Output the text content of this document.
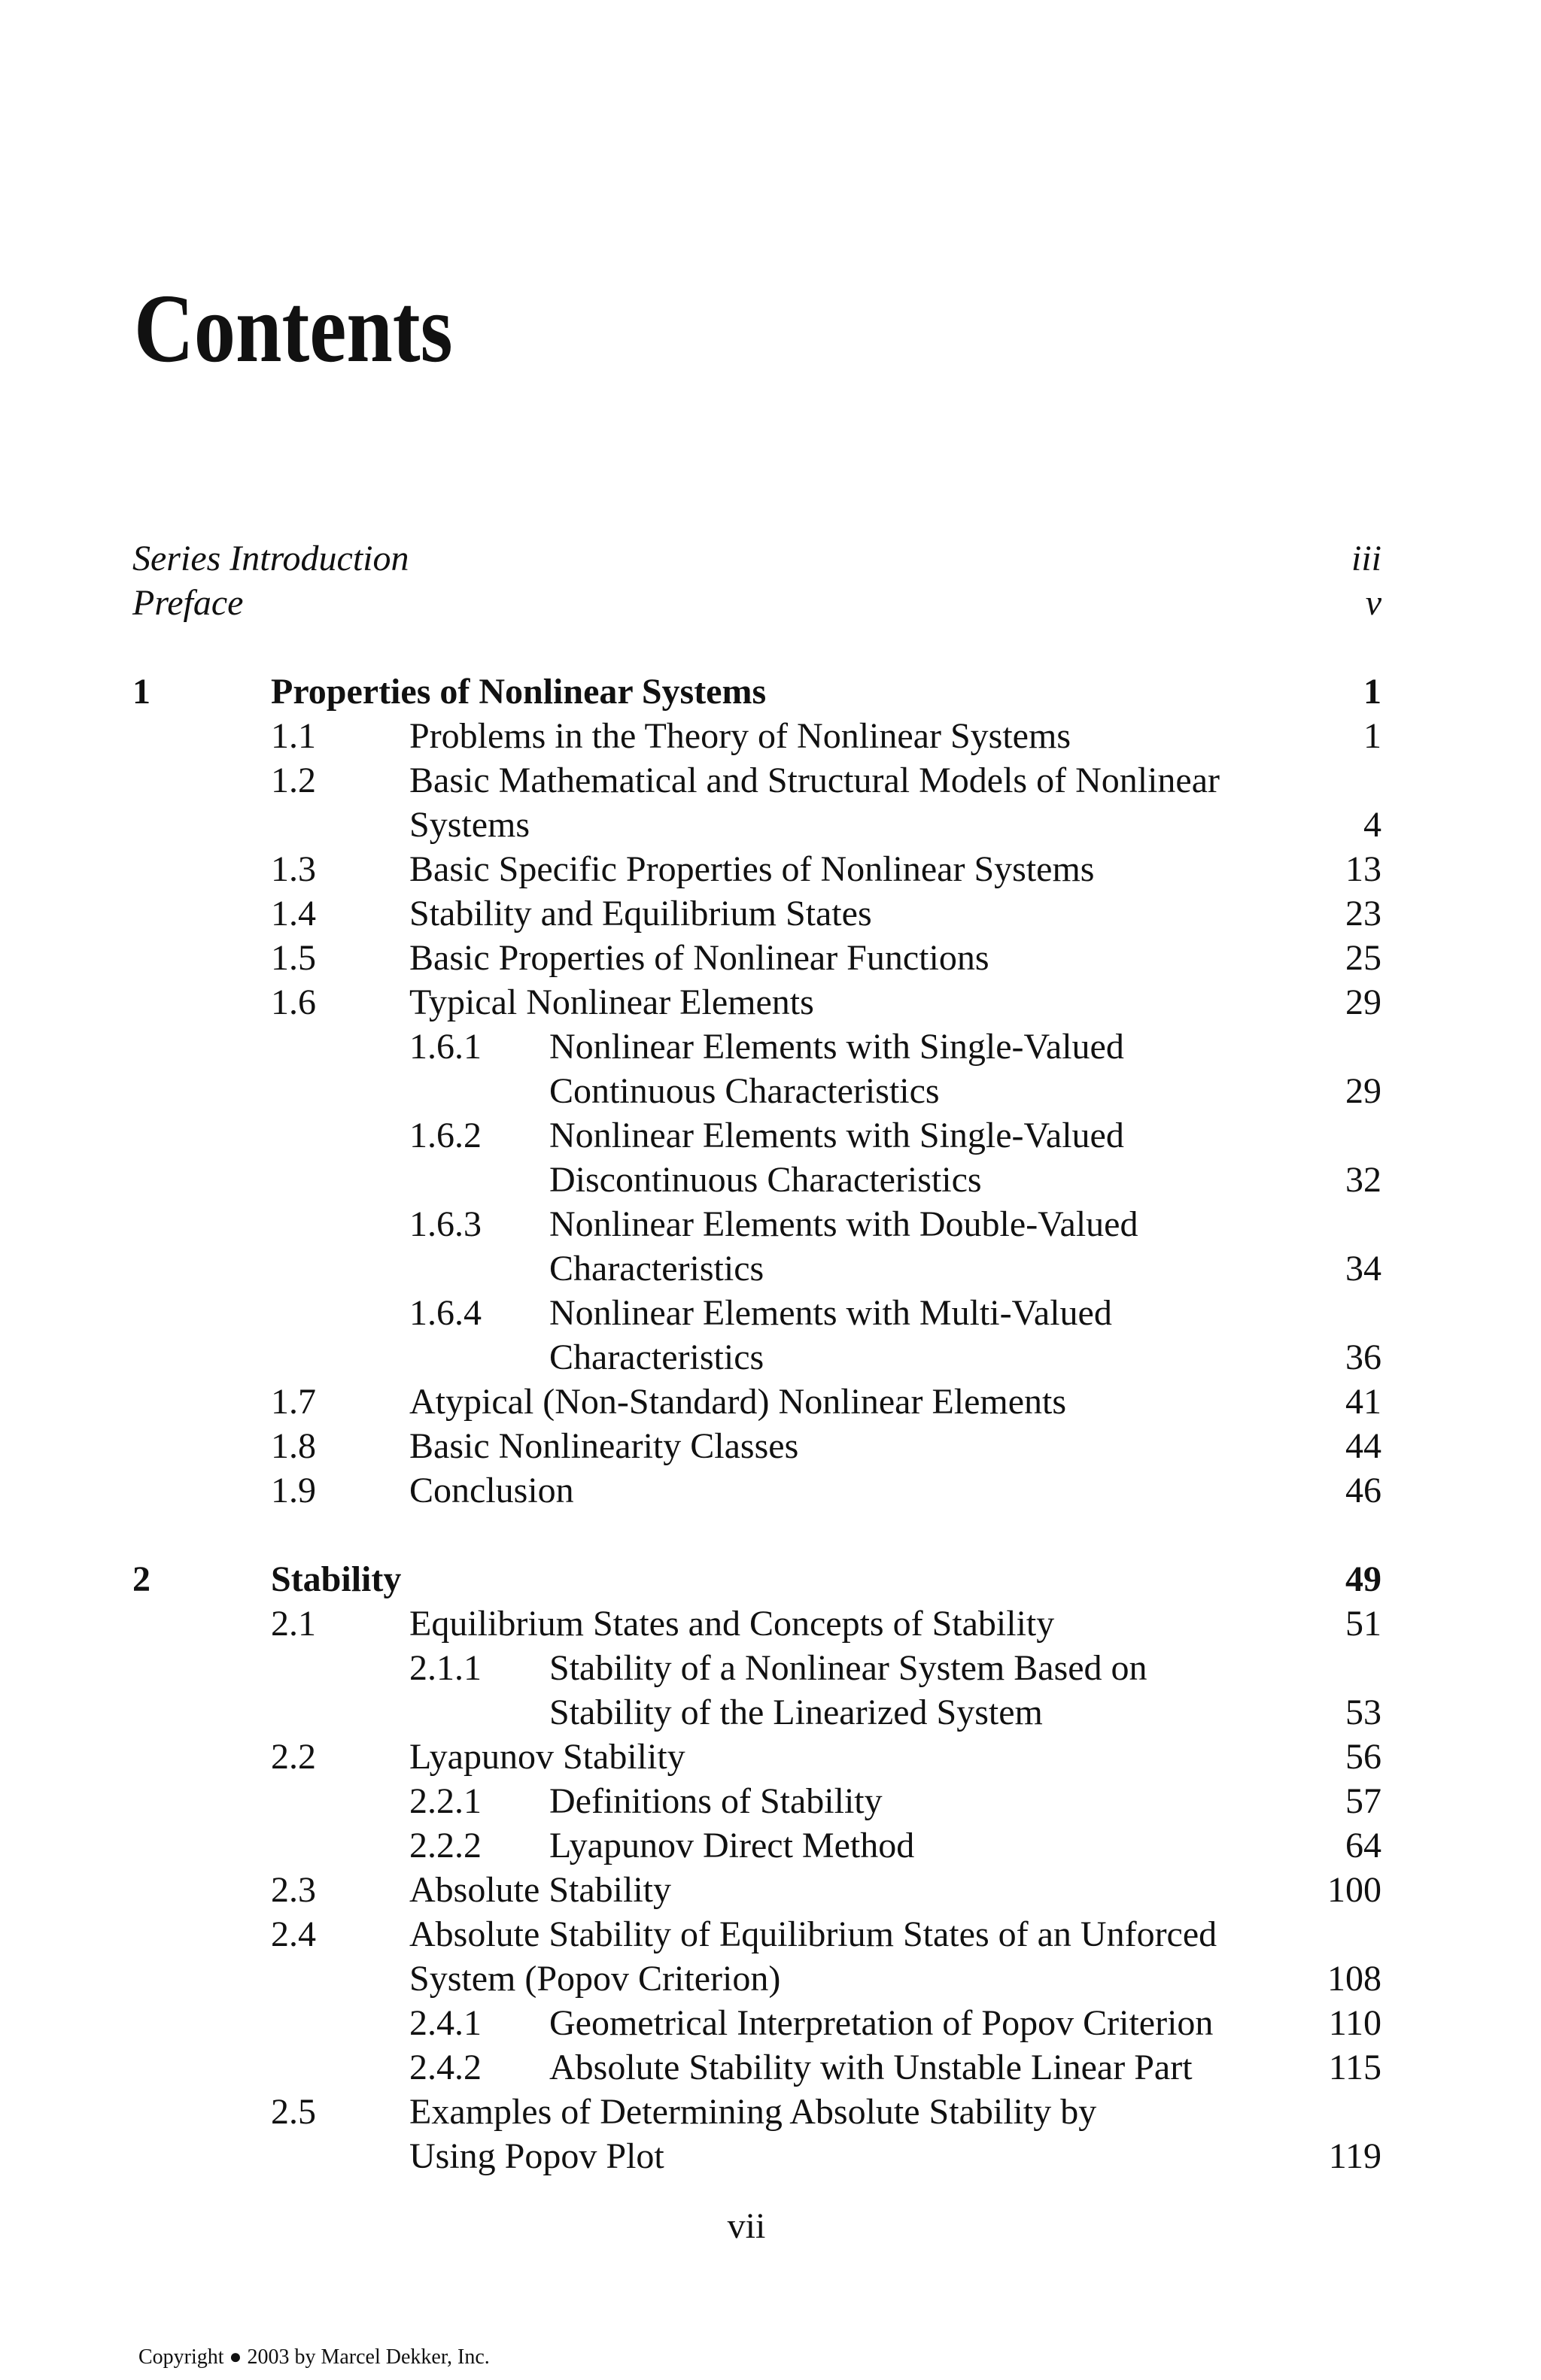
Contents
Series Introduction	iii
Preface	v
1	Properties of Nonlinear Systems	1
1.1	Problems in the Theory of Nonlinear Systems	1
1.2	Basic Mathematical and Structural Models of Nonlinear
Systems	4
1.3	Basic Specific Properties of Nonlinear Systems	13
1.4	Stability and Equilibrium States	23
1.5	Basic Properties of Nonlinear Functions	25
1.6	Typical Nonlinear Elements	29
1.6.1	Nonlinear Elements with Single-Valued
Continuous Characteristics	29
1.6.2	Nonlinear Elements with Single-Valued
Discontinuous Characteristics	32
1.6.3	Nonlinear Elements with Double-Valued
Characteristics	34
1.6.4	Nonlinear Elements with Multi-Valued
Characteristics	36
1.7	Atypical (Non-Standard) Nonlinear Elements	41
1.8	Basic Nonlinearity Classes	44
1.9	Conclusion	46
2	Stability	49
2.1	Equilibrium States and Concepts of Stability	51
2.1.1	Stability of a Nonlinear System Based on
Stability of the Linearized System	53
2.2	Lyapunov Stability	56
2.2.1	Definitions of Stability	57
2.2.2	Lyapunov Direct Method	64
2.3	Absolute Stability	100
2.4	Absolute Stability of Equilibrium States of an Unforced
System (Popov Criterion)	108
2.4.1	Geometrical Interpretation of Popov Criterion	110
2.4.2	Absolute Stability with Unstable Linear Part	115
2.5	Examples of Determining Absolute Stability by
Using Popov Plot	119
vii
Copyright ● 2003 by Marcel Dekker, Inc.
